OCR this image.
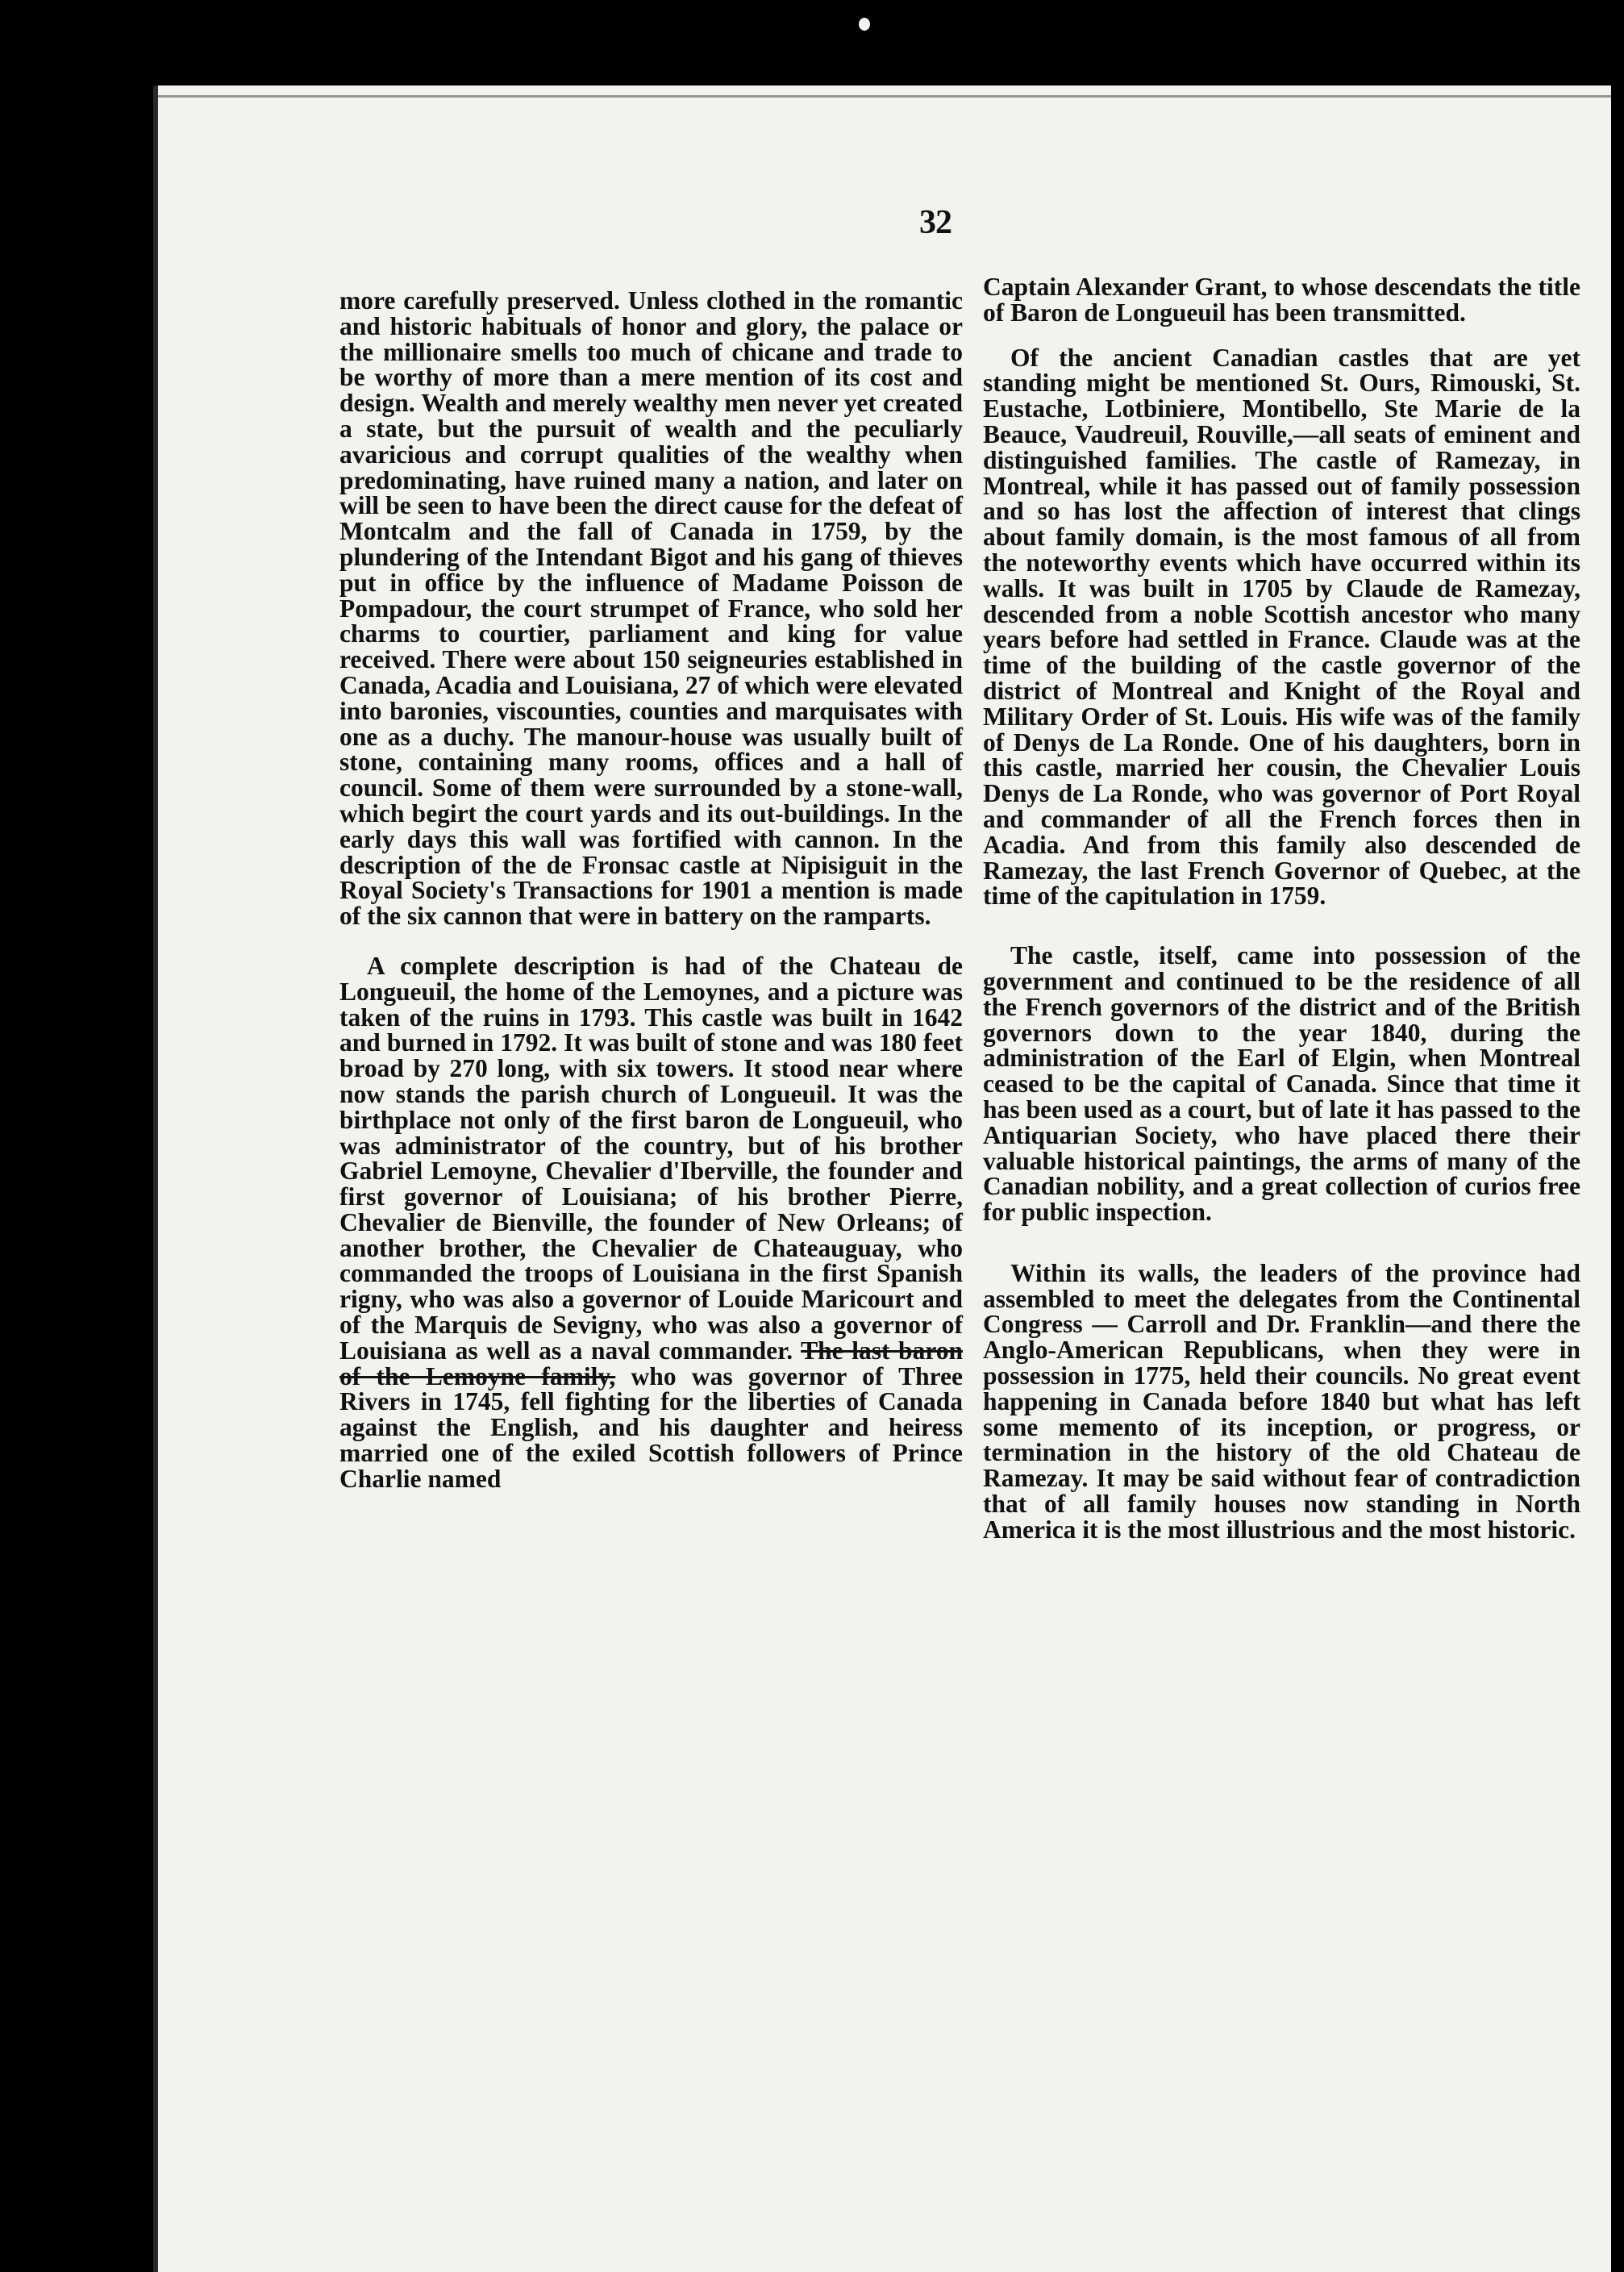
32

more carefully preserved. Unless clothed in the romantic and historic habituals of honor and glory, the palace or the millionaire smells too much of chicane and trade to be worthy of more than a mere mention of its cost and design. Wealth and merely wealthy men never yet created a state, but the pursuit of wealth and the peculiarly avaricious and corrupt qualities of the wealthy when predominating, have ruined many a nation, and later on will be seen to have been the direct cause for the defeat of Montcalm and the fall of Canada in 1759, by the plundering of the Intendant Bigot and his gang of thieves put in office by the influence of Madame Poisson de Pompadour, the court strumpet of France, who sold her charms to courtier, parliament and king for value received. There were about 150 seigneuries established in Canada, Acadia and Louisiana, 27 of which were elevated into baronies, viscounties, counties and marquisates with one as a duchy. The manour-house was usually built of stone, containing many rooms, offices and a hall of council. Some of them were surrounded by a stone-wall, which begirt the court yards and its out-buildings. In the early days this wall was fortified with cannon. In the description of the de Fronsac castle at Nipisiguit in the Royal Society's Transactions for 1901 a mention is made of the six cannon that were in battery on the ramparts.

A complete description is had of the Chateau de Longueuil, the home of the Lemoynes, and a picture was taken of the ruins in 1793. This castle was built in 1642 and burned in 1792. It was built of stone and was 180 feet broad by 270 long, with six towers. It stood near where now stands the parish church of Longueuil. It was the birthplace not only of the first baron de Longueuil, who was administrator of the country, but of his brother Gabriel Lemoyne, Chevalier d'Iberville, the founder and first governor of Louisiana; of his brother Pierre, Chevalier de Bienville, the founder of New Orleans; of another brother, the Chevalier de Chateauguay, who commanded the troops of Louisiana in the first Spanish rigny, who was also a governor of Louide Maricourt and of the Marquis de Sevigny, who was also a governor of Louisiana as well as a naval commander. The last baron of the Lemoyne family, who was governor of Three Rivers in 1745, fell fighting for the liberties of Canada against the English, and his daughter and heiress married one of the exiled Scottish followers of Prince Charlie named

Captain Alexander Grant, to whose descendats the title of Baron de Longueuil has been transmitted.

Of the ancient Canadian castles that are yet standing might be mentioned St. Ours, Rimouski, St. Eustache, Lotbiniere, Montibello, Ste Marie de la Beauce, Vaudreuil, Rouville,—all seats of eminent and distinguished families. The castle of Ramezay, in Montreal, while it has passed out of family possession and so has lost the affection of interest that clings about family domain, is the most famous of all from the noteworthy events which have occurred within its walls. It was built in 1705 by Claude de Ramezay, descended from a noble Scottish ancestor who many years before had settled in France. Claude was at the time of the building of the castle governor of the district of Montreal and Knight of the Royal and Military Order of St. Louis. His wife was of the family of Denys de La Ronde. One of his daughters, born in this castle, married her cousin, the Chevalier Louis Denys de La Ronde, who was governor of Port Royal and commander of all the French forces then in Acadia. And from this family also descended de Ramezay, the last French Governor of Quebec, at the time of the capitulation in 1759.

The castle, itself, came into possession of the government and continued to be the residence of all the French governors of the district and of the British governors down to the year 1840, during the administration of the Earl of Elgin, when Montreal ceased to be the capital of Canada. Since that time it has been used as a court, but of late it has passed to the Antiquarian Society, who have placed there their valuable historical paintings, the arms of many of the Canadian nobility, and a great collection of curios free for public inspection.

Within its walls, the leaders of the province had assembled to meet the delegates from the Continental Congress — Carroll and Dr. Franklin—and there the Anglo-American Republicans, when they were in possession in 1775, held their councils. No great event happening in Canada before 1840 but what has left some memento of its inception, or progress, or termination in the history of the old Chateau de Ramezay. It may be said without fear of contradiction that of all family houses now standing in North America it is the most illustrious and the most historic.
